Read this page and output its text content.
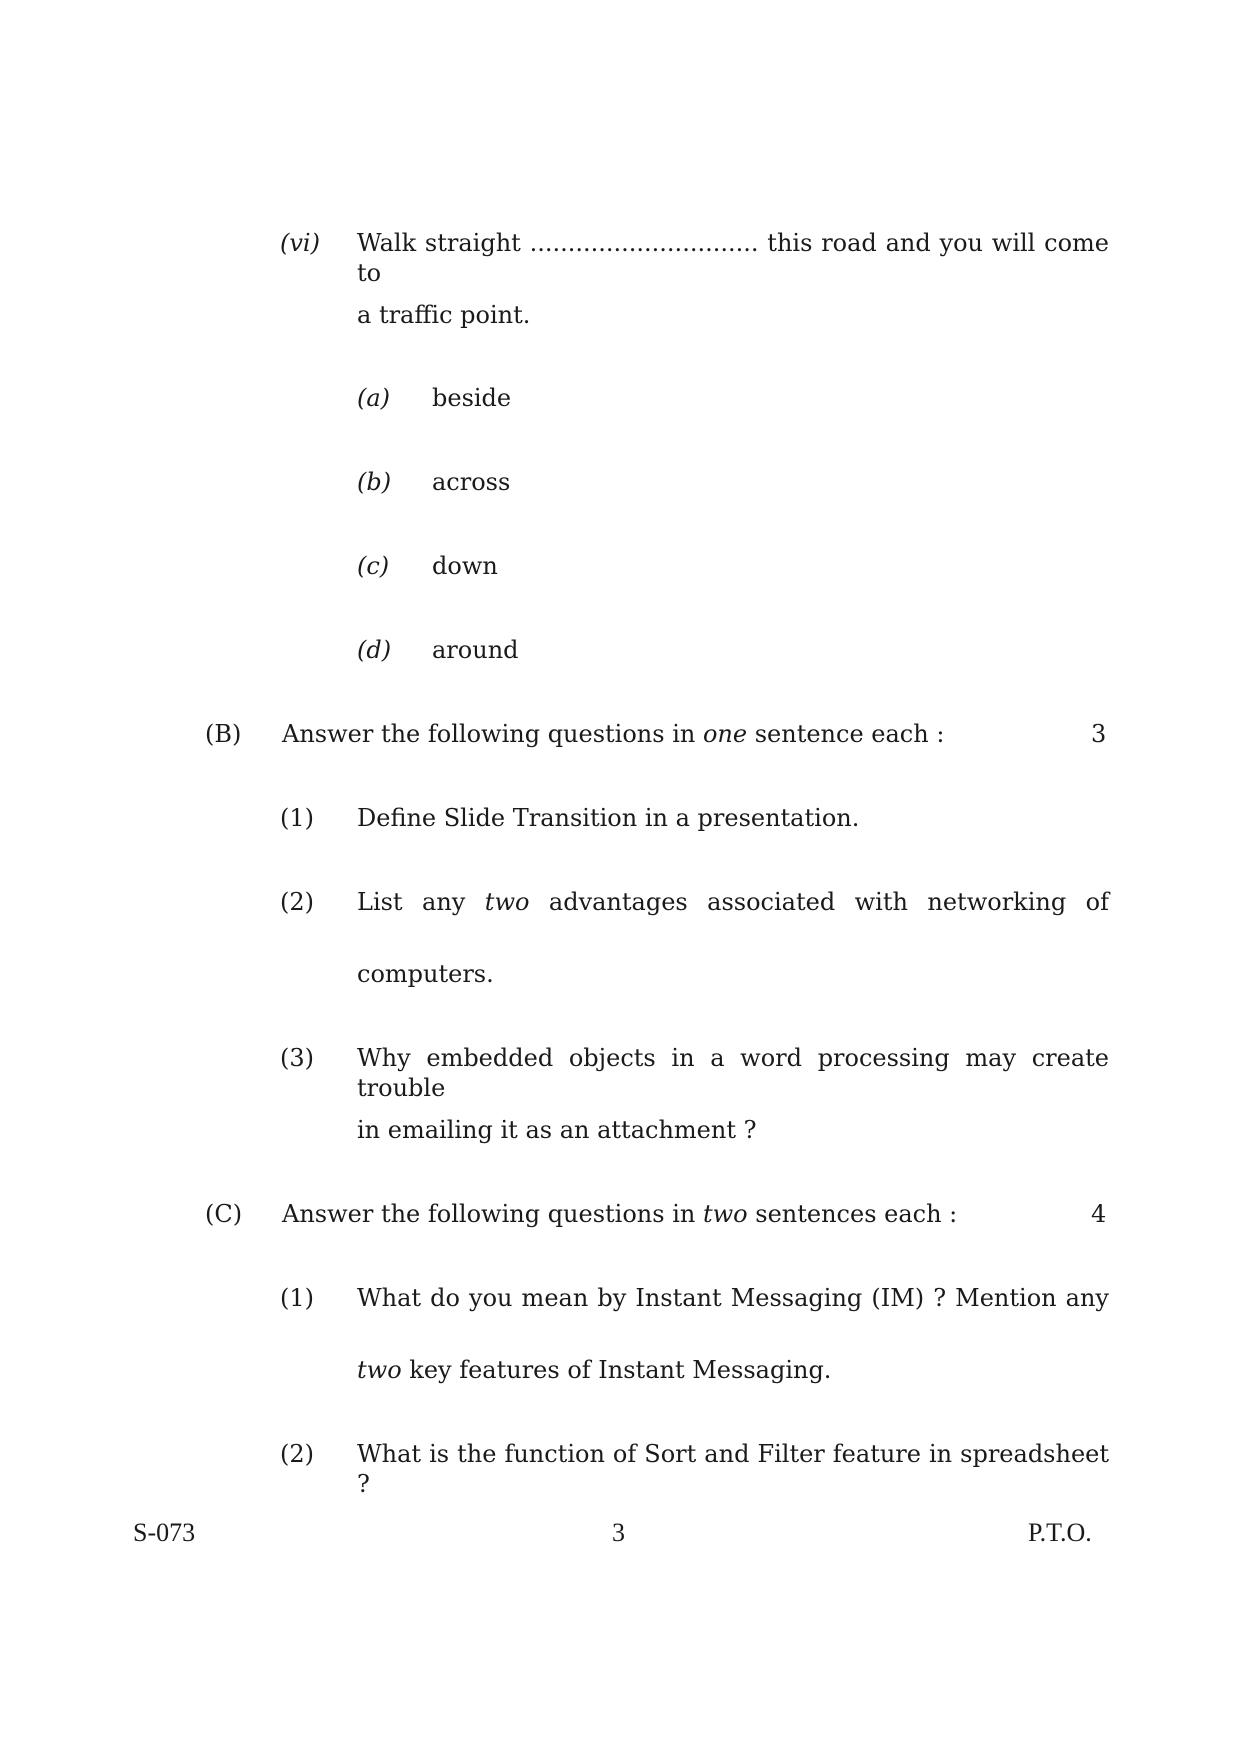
(vi) Walk straight .............................. this road and you will come to
a traffic point.
(a) beside
(b) across
(c) down
(d) around
(B) Answer the following questions in one sentence each :	3
(1) Define Slide Transition in a presentation.
(2) List any two advantages associated with networking of
computers.
(3) Why embedded objects in a word processing may create trouble
in emailing it as an attachment ?
(C) Answer the following questions in two sentences each :	4
(1) What do you mean by Instant Messaging (IM) ? Mention any
two key features of Instant Messaging.
(2) What is the function of Sort and Filter feature in spreadsheet ?
S-073	3	P.T.O.
